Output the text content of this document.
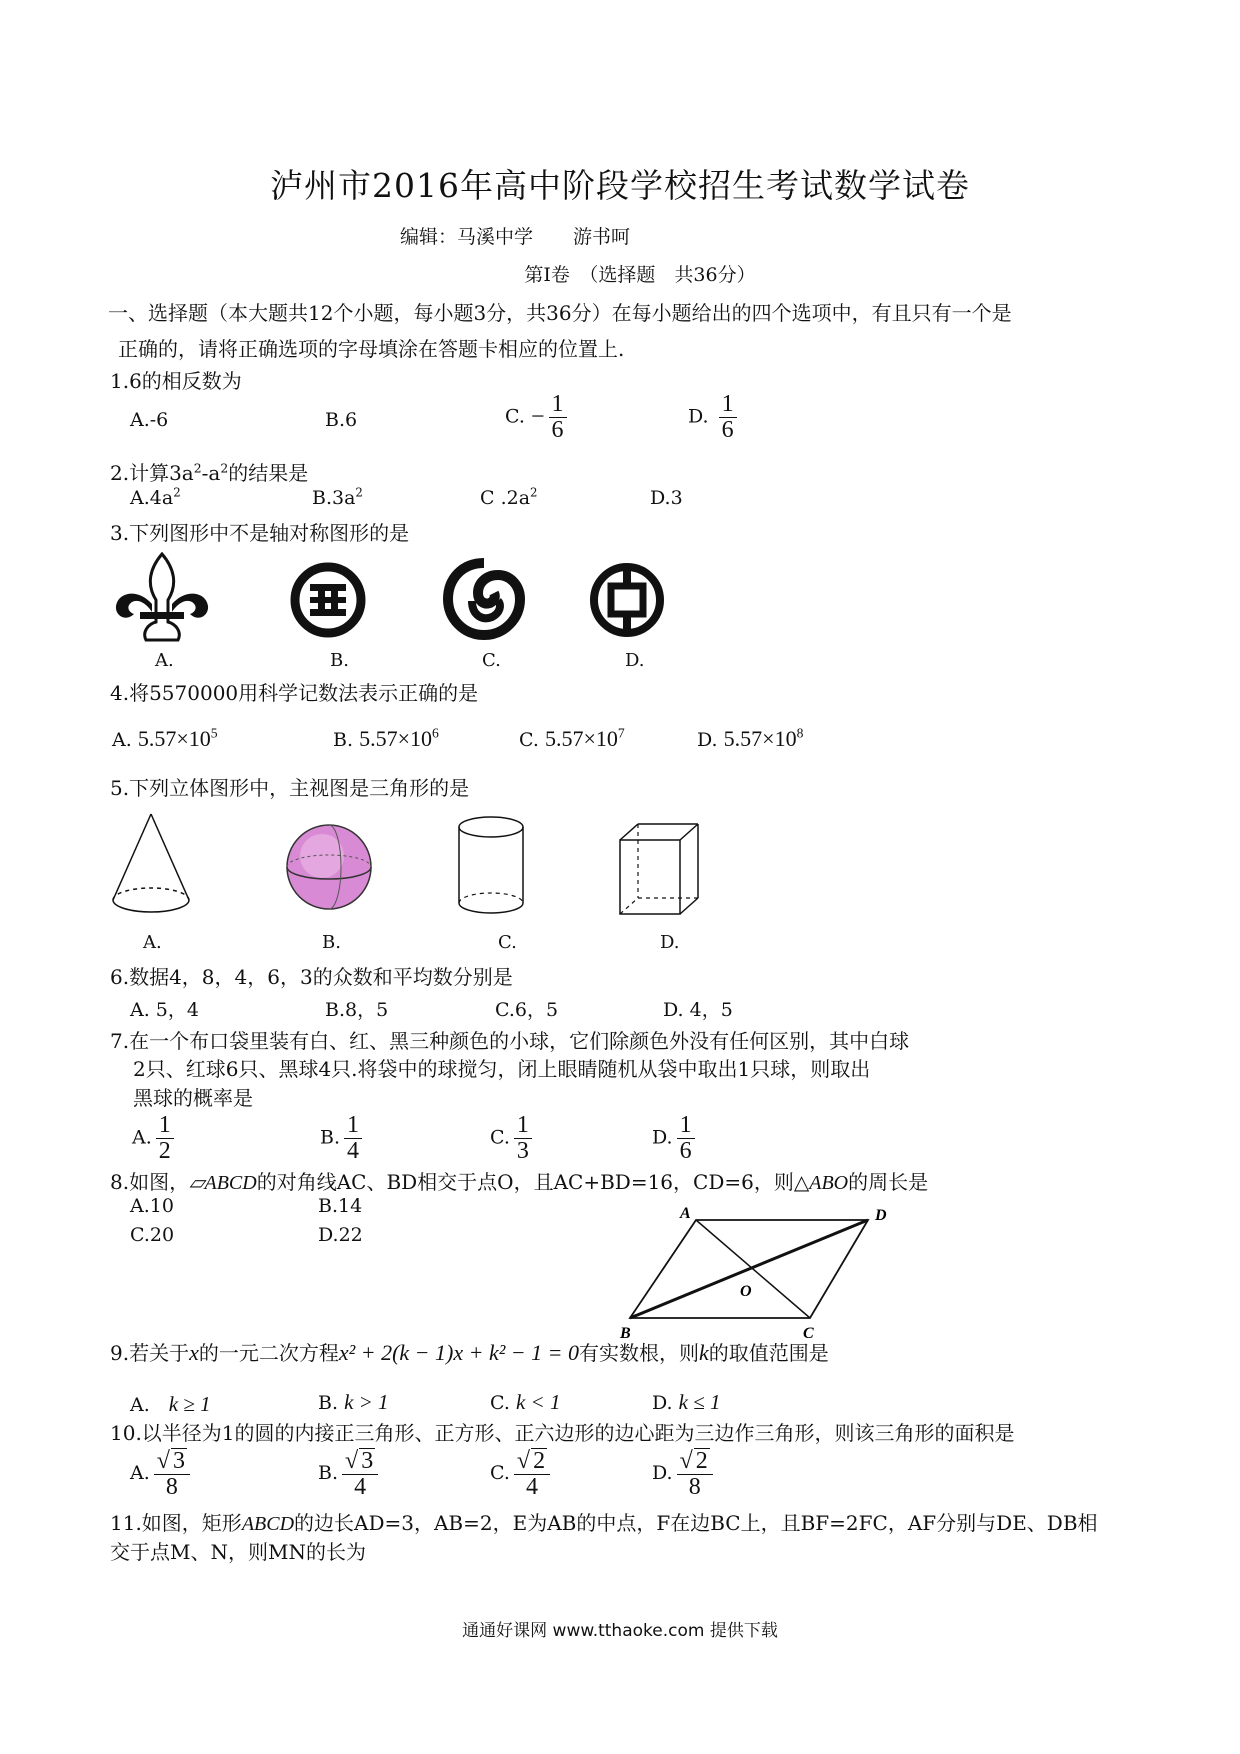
泸州市2016年高中阶段学校招生考试数学试卷
编辑：马溪中学 游书呵
第Ⅰ卷　（选择题　共36分）
一、选择题（本大题共12个小题，每小题3分，共36分）在每小题给出的四个选项中，有且只有一个是
正确的，请将正确选项的字母填涂在答题卡相应的位置上.
1.6的相反数为
A.-6	B.6	C. − $\frac{1}{6}$	D. $\frac{1}{6}$
2.计算$3a^2-a^2$的结果是
$A.4a^2$	$B.3a^2$	C $.2a^2$	D.3
3.下列图形中不是轴对称图形的是
A.	B.	C.	D.
4.将5570000用科学记数法表示正确的是
A. $5.57\times 10^5$	B. $5.57\times 10^6$	C. $5.57\times 10^7$	D. $5.57\times 10^8$
5.下列立体图形中，主视图是三角形的是
A.	B.	C.	D.
6.数据4，8，4，6，3的众数和平均数分别是
A. 5，4	B.8，5	C.6，5	D. 4，5
7.在一个布口袋里装有白、红、黑三种颜色的小球，它们除颜色外没有任何区别，其中白球
2只、红球6只、黑球4只.将袋中的球搅匀，闭上眼睛随机从袋中取出1只球，则取出
黑球的概率是
A. $\frac{1}{2}$	B. $\frac{1}{4}$	C. $\frac{1}{3}$	D. $\frac{1}{6}$
8.如图，▱ABCD的对角线AC、BD相交于点O，且AC+BD=16，CD=6，则△ABO的周长是
A.10	B.14
C.20	D.22
A	D
B	C
O
9.若关于x的一元二次方程x² + 2(k − 1)x + k² − 1 = 0有实数根，则k的取值范围是
A.　 k ≥ 1	B. k > 1	C. k < 1	D. k ≤ 1
10.以半径为1的圆的内接正三角形、正方形、正六边形的边心距为三边作三角形，则该三角形的面积是
A. $\frac{√ 3}{8}$	B. $\frac{√ 3}{4}$	C. $\frac{√ 2}{4}$	D. $\frac{√ 2}{8}$
11.如图，矩形ABCD的边长AD=3，AB=2，E为AB的中点，F在边BC上，且BF=2FC，AF分别与DE、DB相
交于点M、N，则MN的长为
通通好课网 www.tthaoke.com 提供下载
